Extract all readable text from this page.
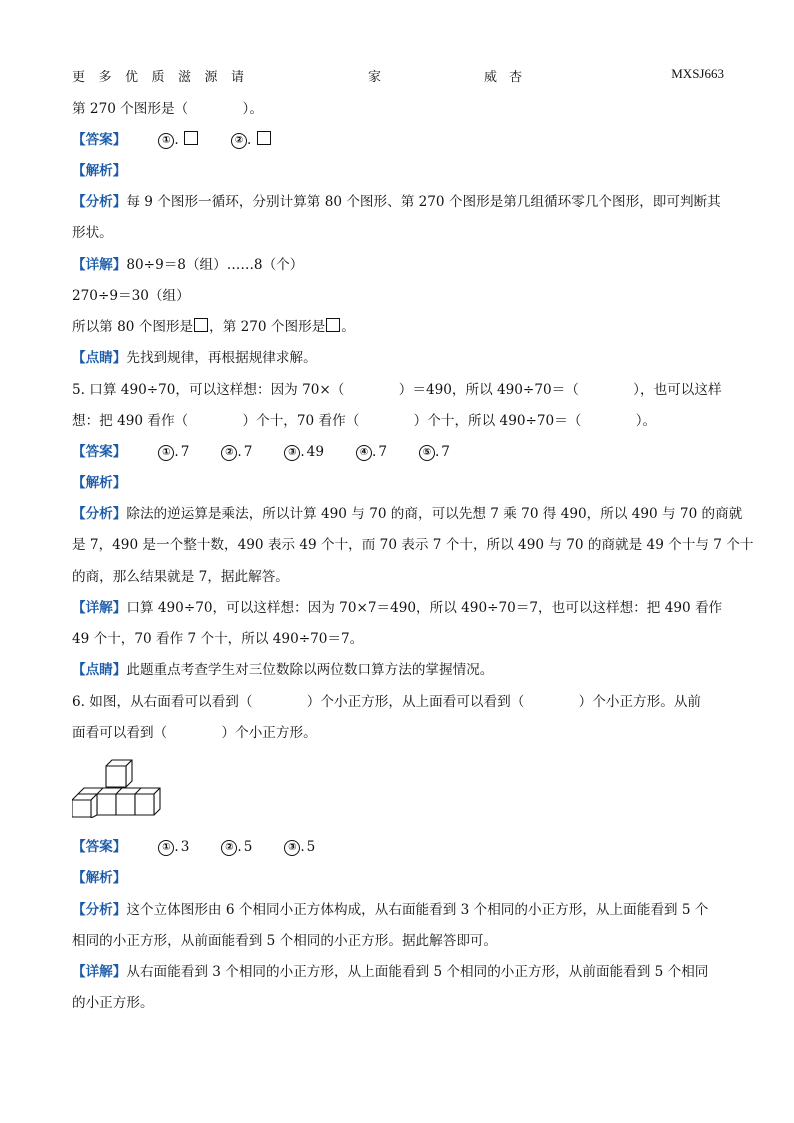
更多优质滋源请	家	威杏	MXSJ663
第 270 个图形是（　　　　）。
【答案】	① .	② .
【解析】
【分析】每 9 个图形一循环，分别计算第 80 个图形、第 270 个图形是第几组循环零几个图形，即可判断其
形状。
【详解】80÷9＝8（组）……8（个）
270÷9＝30（组）
所以第 80 个图形是 ，第 270 个图形是 。
【点睛】先找到规律，再根据规律求解。
5. 口算 490÷70，可以这样想：因为 70×（　　　　）＝490，所以 490÷70＝（　　　　），也可以这样
想：把 490 看作（　　　　）个十，70 看作（　　　　）个十，所以 490÷70＝（　　　　）。
【答案】	① . 7	② . 7	③ . 49	④ . 7	⑤ . 7
【解析】
【分析】除法的逆运算是乘法，所以计算 490 与 70 的商，可以先想 7 乘 70 得 490，所以 490 与 70 的商就
是 7，490 是一个整十数，490 表示 49 个十，而 70 表示 7 个十，所以 490 与 70 的商就是 49 个十与 7 个十
的商，那么结果就是 7，据此解答。
【详解】口算 490÷70，可以这样想：因为 70×7＝490，所以 490÷70＝7，也可以这样想：把 490 看作
49 个十，70 看作 7 个十，所以 490÷70＝7。
【点睛】此题重点考查学生对三位数除以两位数口算方法的掌握情况。
6. 如图，从右面看可以看到（　　　　）个小正方形，从上面看可以看到（　　　　）个小正方形。从前
面看可以看到（　　　　）个小正方形。
【答案】	① . 3	② . 5	③ . 5
【解析】
【分析】这个立体图形由 6 个相同小正方体构成，从右面能看到 3 个相同的小正方形，从上面能看到 5 个
相同的小正方形，从前面能看到 5 个相同的小正方形。据此解答即可。
【详解】从右面能看到 3 个相同的小正方形，从上面能看到 5 个相同的小正方形，从前面能看到 5 个相同
的小正方形。
